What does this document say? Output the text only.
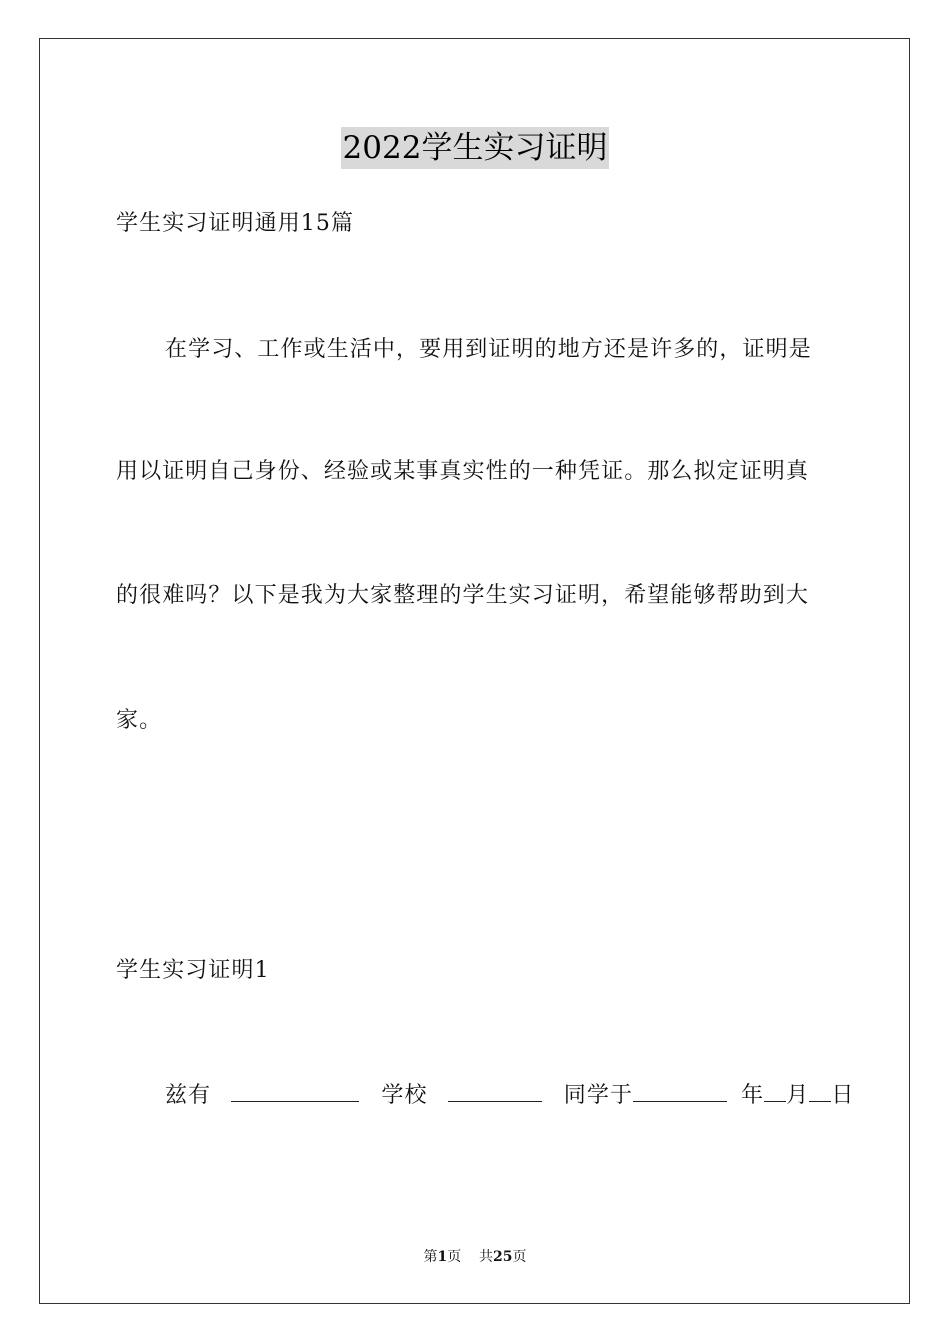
2022学生实习证明
学生实习证明通用15篇
在学习、工作或生活中，要用到证明的地方还是许多的，证明是
用以证明自己身份、经验或某事真实性的一种凭证。那么拟定证明真
的很难吗？以下是我为大家整理的学生实习证明，希望能够帮助到大
家。
学生实习证明1
兹有	学校	同学于	年 月 日
第1页 共25页
